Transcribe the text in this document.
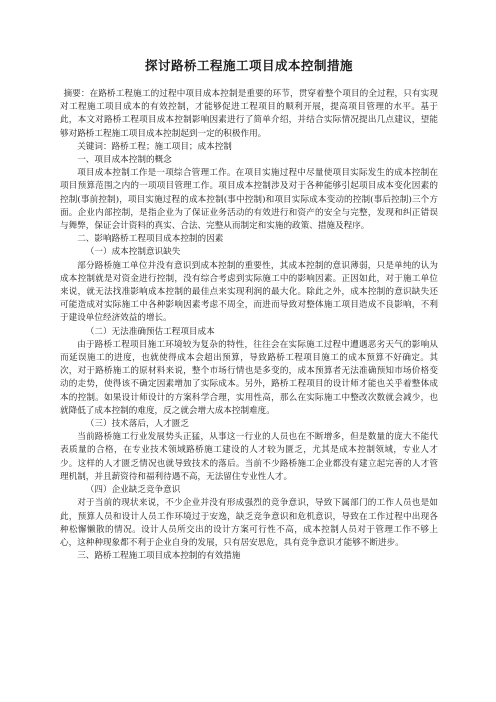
探讨路桥工程施工项目成本控制措施

摘要：在路桥工程施工的过程中项目成本控制是重要的环节，贯穿着整个项目的全过程，只有实现对工程施工项目成本的有效控制，才能够促进工程项目的顺利开展，提高项目管理的水平。基于此，本文对路桥工程项目成本控制影响因素进行了简单介绍，并结合实际情况提出几点建议，望能够对路桥工程施工项目成本控制起到一定的积极作用。

关键词：路桥工程；施工项目；成本控制

一、项目成本控制的概念

项目成本控制工作是一项综合管理工作。在项目实施过程中尽量使项目实际发生的成本控制在项目预算范围之内的一项项目管理工作。项目成本控制涉及对于各种能够引起项目成本变化因素的控制(事前控制)，项目实施过程的成本控制(事中控制)和项目实际成本变动的控制(事后控制)三个方面。企业内部控制，是指企业为了保证业务活动的有效进行和资产的安全与完整，发现和纠正错误与舞弊，保证会计资料的真实、合法、完整从而制定和实施的政策、措施及程序。

二、影响路桥工程项目成本控制的因素

（一）成本控制意识缺失

部分路桥施工单位并没有意识到成本控制的重要性，其成本控制的意识薄弱，只是单纯的认为成本控制就是对资金进行控制，没有综合考虑到实际施工中的影响因素。正因如此，对于施工单位来说，就无法找准影响成本控制的最佳点来实现利润的最大化。除此之外，成本控制的意识缺失还可能造成对实际施工中各种影响因素考虑不周全，而进而导致对整体施工项目造成不良影响，不利于建设单位经济效益的增长。

（二）无法准确预估工程项目成本

由于路桥工程项目施工环境较为复杂的特性，往往会在实际施工过程中遭遇恶劣天气的影响从而延误施工的进度，也就使得成本会超出预算，导致路桥工程项目施工的成本预算不好确定。其次，对于路桥施工的原材料来说，整个市场行情也是多变的，成本预算者无法准确预知市场价格变动的走势，使得该不确定因素增加了实际成本。另外，路桥工程项目的设计师才能也关乎着整体成本的控制。如果设计师设计的方案科学合理，实用性高，那么在实际施工中整改次数就会减少，也就降低了成本控制的难度，反之就会增大成本控制难度。

（三）技术落后，人才匮乏

当前路桥施工行业发展势头正猛，从事这一行业的人员也在不断增多，但是数量的庞大不能代表质量的合格，在专业技术领域路桥施工建设的人才较为匮乏，尤其是成本控制领域，专业人才少。这样的人才匮乏情况也就导致技术的落后。当前不少路桥施工企业都没有建立起完善的人才管理机制，并且薪资待和福利待遇不高，无法留住专业性人才。

（四）企业缺乏竞争意识

对于当前的现状来说，不少企业并没有形成强烈的竞争意识，导致下属部门的工作人员也是如此，预算人员和设计人员工作环境过于安逸，缺乏竞争意识和危机意识，导致在工作过程中出现各种松懈懒散的情况。设计人员所交出的设计方案可行性不高，成本控制人员对于管理工作不够上心，这种种现象都不利于企业自身的发展，只有居安思危，具有竞争意识才能够不断进步。

三、路桥工程施工项目成本控制的有效措施
